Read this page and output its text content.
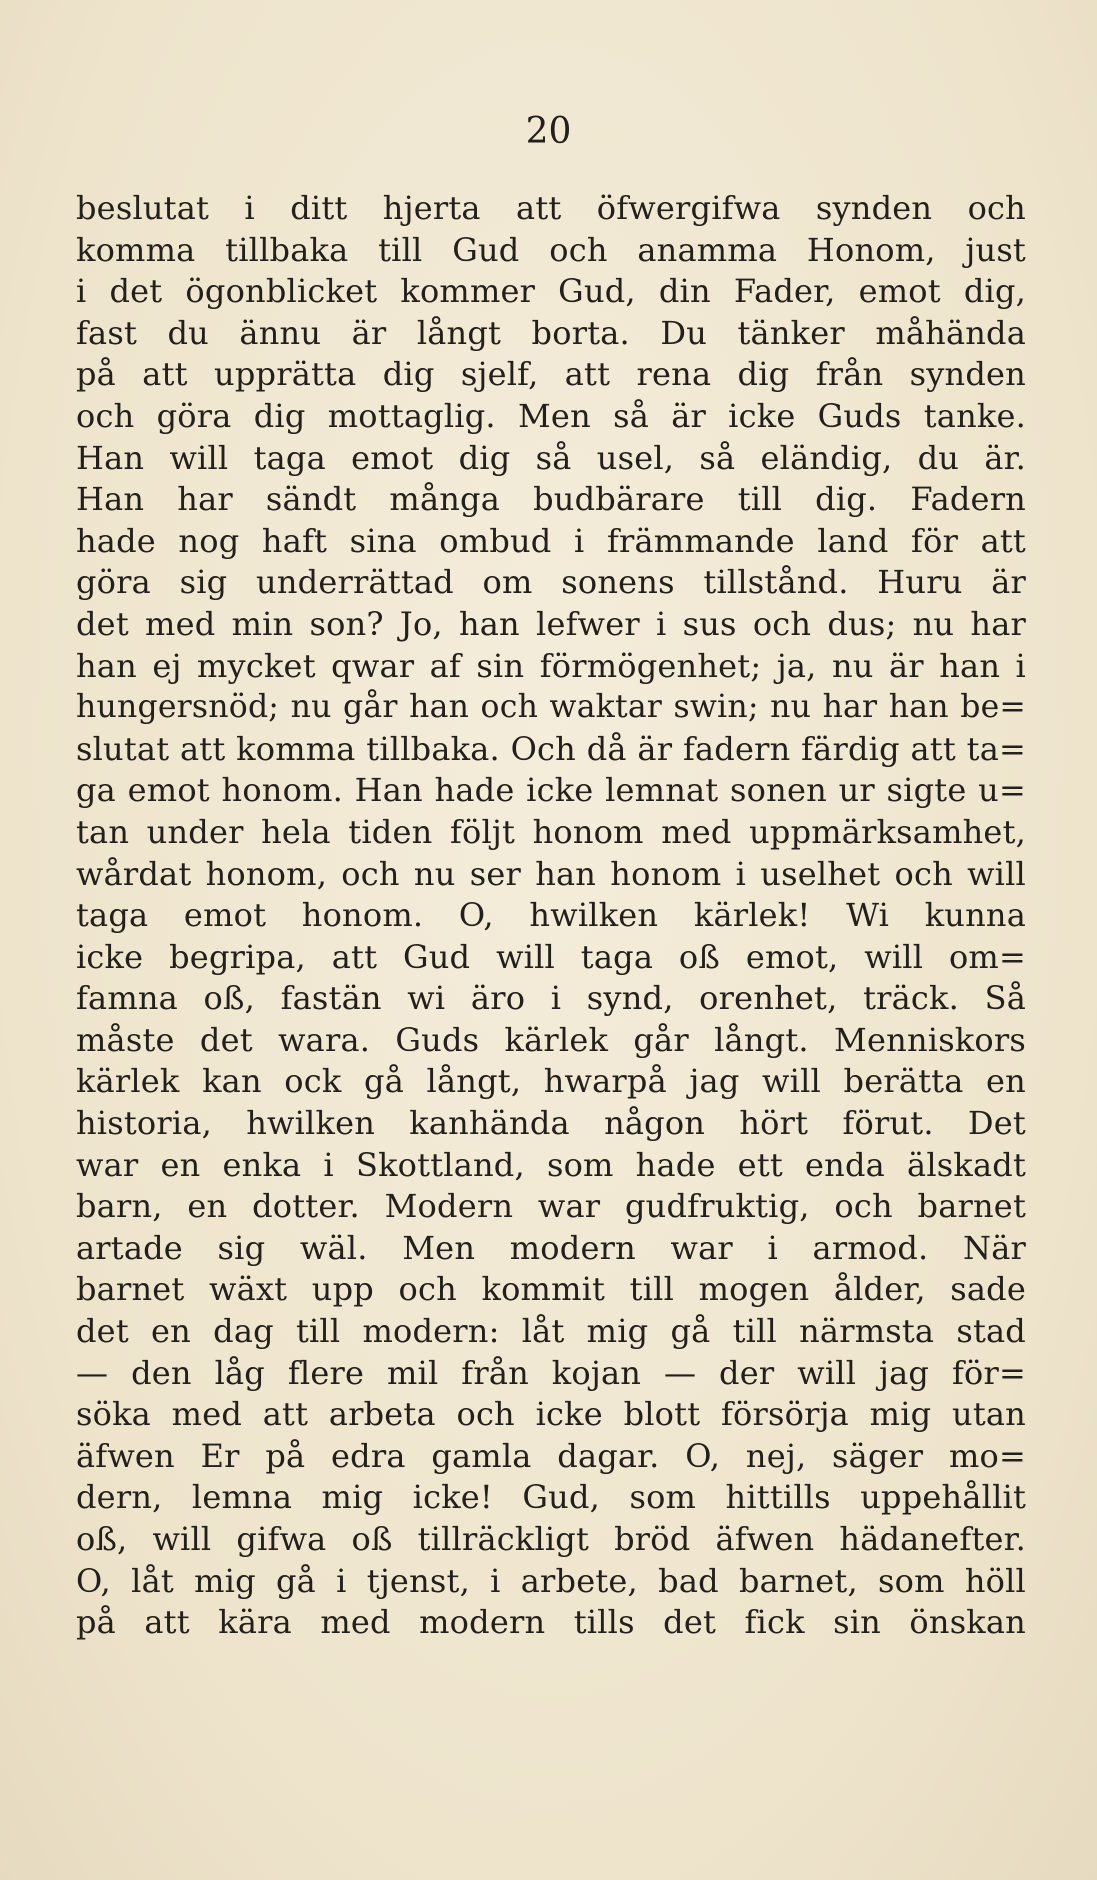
20
beslutat i ditt hjerta att öfwergifwa synden och
komma tillbaka till Gud och anamma Honom, just
i det ögonblicket kommer Gud, din Fader, emot dig,
fast du ännu är långt borta. Du tänker måhända
på att upprätta dig sjelf, att rena dig från synden
och göra dig mottaglig. Men så är icke Guds tanke.
Han will taga emot dig så usel, så eländig, du är.
Han har sändt många budbärare till dig. Fadern
hade nog haft sina ombud i främmande land för att
göra sig underrättad om sonens tillstånd. Huru är
det med min son? Jo, han lefwer i sus och dus; nu har
han ej mycket qwar af sin förmögenhet; ja, nu är han i
hungersnöd; nu går han och waktar swin; nu har han be=
slutat att komma tillbaka. Och då är fadern färdig att ta=
ga emot honom. Han hade icke lemnat sonen ur sigte u=
tan under hela tiden följt honom med uppmärksamhet,
wårdat honom, och nu ser han honom i uselhet och will
taga emot honom. O, hwilken kärlek! Wi kunna
icke begripa, att Gud will taga oß emot, will om=
famna oß, fastän wi äro i synd, orenhet, träck. Så
måste det wara. Guds kärlek går långt. Menniskors
kärlek kan ock gå långt, hwarpå jag will berätta en
historia, hwilken kanhända någon hört förut. Det
war en enka i Skottland, som hade ett enda älskadt
barn, en dotter. Modern war gudfruktig, och barnet
artade sig wäl. Men modern war i armod. När
barnet wäxt upp och kommit till mogen ålder, sade
det en dag till modern: låt mig gå till närmsta stad
— den låg flere mil från kojan — der will jag för=
söka med att arbeta och icke blott försörja mig utan
äfwen Er på edra gamla dagar. O, nej, säger mo=
dern, lemna mig icke! Gud, som hittills uppehållit
oß, will gifwa oß tillräckligt bröd äfwen hädanefter.
O, låt mig gå i tjenst, i arbete, bad barnet, som höll
på att kära med modern tills det fick sin önskan
